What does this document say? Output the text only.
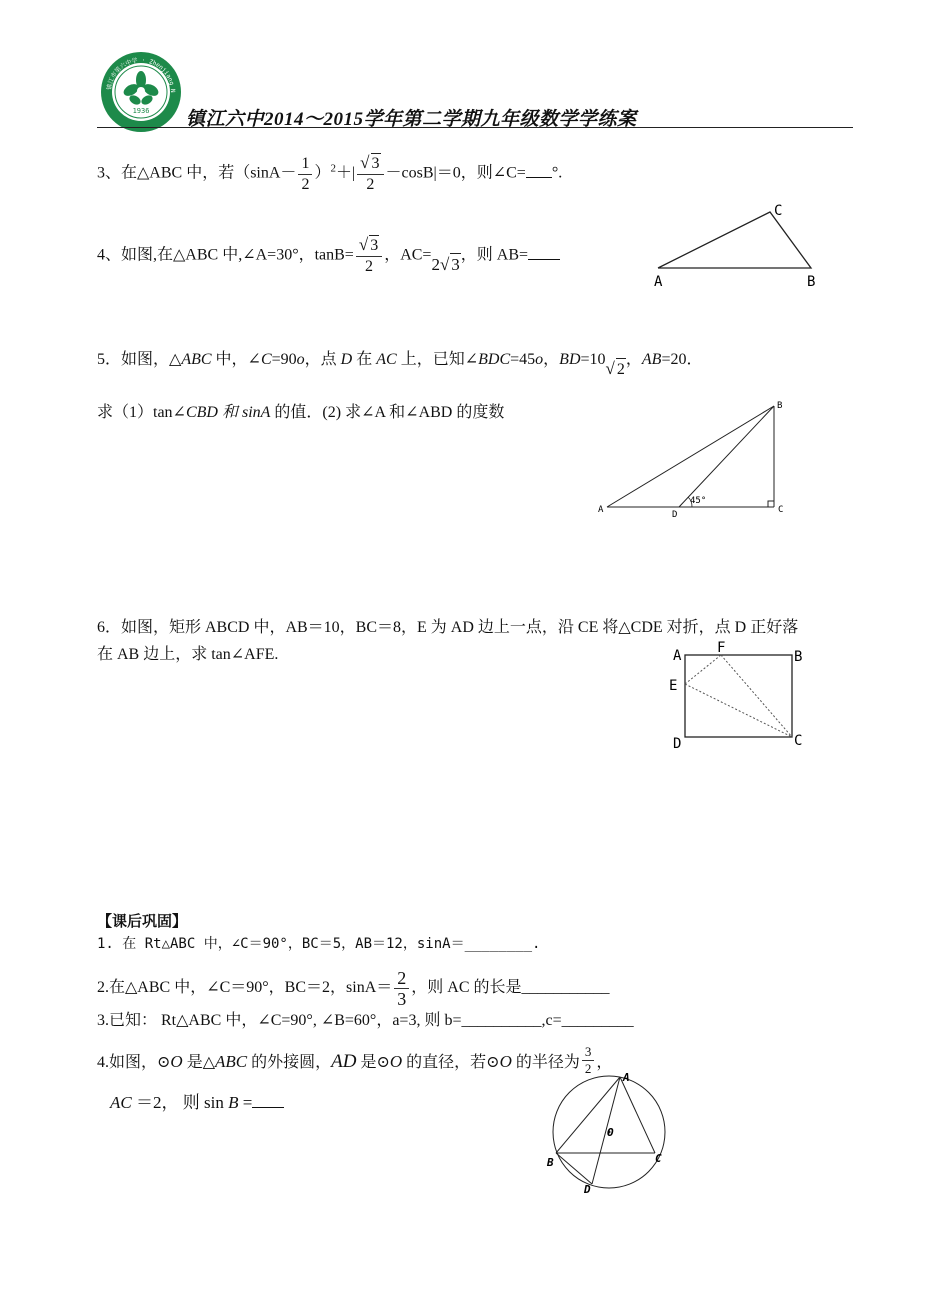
1936
镇江市第六中学 · Zhenjiang N
镇江六中2014～2015学年第二学期九年级数学学练案
3、在△ABC 中，若$(\sin A- \frac{1}{2} )^2+| \frac{√ 3}{2} -\cos B|=0$，则∠C= °.
4、如图,在△ABC 中,∠A=30°，$\tan B= \frac{√ 3}{2}$ ，AC=2√ 3，则 AB=
A	B
C
5．如图，△ABC 中，∠C=90o，点 D 在 AC 上，已知∠BDC=45o，BD=10√ 2，AB=20．
求（1）tan∠CBD 和 sinA 的值．(2) 求∠A 和∠ABD 的度数
A	D	C
B
45°
6．如图，矩形 ABCD 中，AB＝10，BC＝8，E 为 AD 边上一点，沿 CE 将△CDE 对折，点 D 正好落
在 AB 边上，求 tan∠AFE.	A	F
B
E
D	C
【课后巩固】
1. 在 Rt△ABC 中，∠C＝90°，BC＝5，AB＝12，sinA＝________.
2.在△ABC 中，∠C＝90°，BC＝2，$\sin A= \frac{2}{3}$ ，则 AC 的长是___________
3.已知： Rt△ABC 中，∠C=90°, ∠B=60°，a=3, 则 b=__________,c=_________
4.如图，⊙O 是△ABC 的外接圆，AD 是⊙O 的直径，若⊙O 的半径为 $\frac{3}{2}$ ，
AC ＝2， 则 sin B =
A
O
B	C
D
